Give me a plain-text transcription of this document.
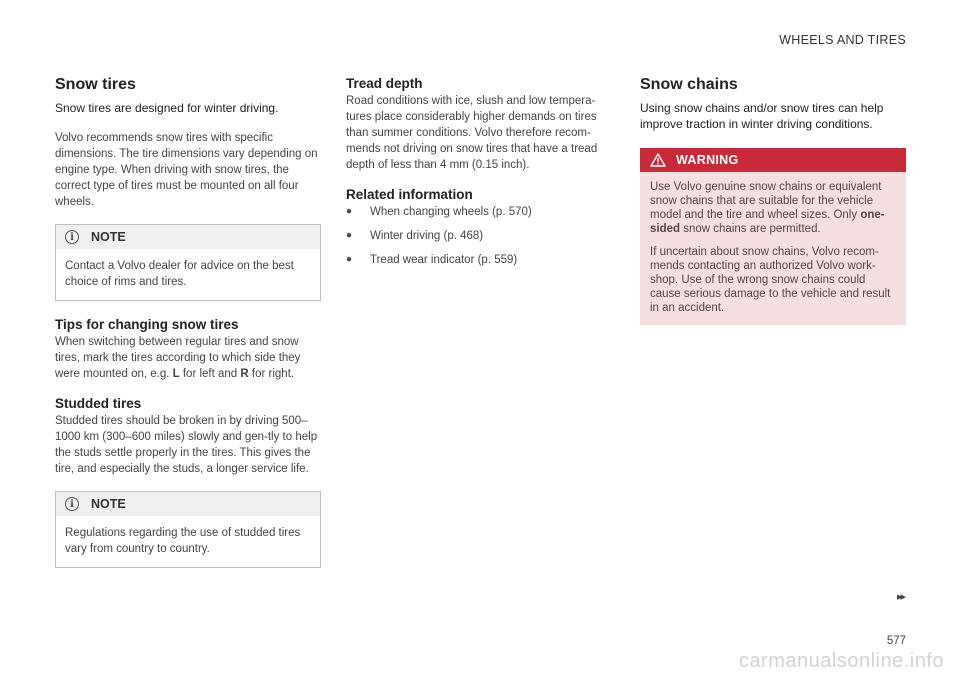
WHEELS AND TIRES
Snow tires
Snow tires are designed for winter driving.

Volvo recommends snow tires with specific dimensions. The tire dimensions vary depending on engine type. When driving with snow tires, the correct type of tires must be mounted on all four wheels.

i	NOTE
Contact a Volvo dealer for advice on the best choice of rims and tires.
Tips for changing snow tires

When switching between regular tires and snow tires, mark the tires according to which side they were mounted on, e.g. L for left and R for right.

Studded tires

Studded tires should be broken in by driving 500–1000 km (300–600 miles) slowly and gen-tly to help the studs settle properly in the tires. This gives the tire, and especially the studs, a longer service life.

i	NOTE
Regulations regarding the use of studded tires vary from country to country.
Tread depth

Road conditions with ice, slush and low tempera-tures place considerably higher demands on tires than summer conditions. Volvo therefore recom-mends not driving on snow tires that have a tread depth of less than 4 mm (0.15 inch).

Related information
●	When changing wheels (p. 570)
●	Winter driving (p. 468)
●	Tread wear indicator (p. 559)
Snow chains
Using snow chains and/or snow tires can help improve traction in winter driving conditions.
WARNING

Use Volvo genuine snow chains or equivalent snow chains that are suitable for the vehicle model and the tire and wheel sizes. Only one-sided snow chains are permitted.

If uncertain about snow chains, Volvo recom-mends contacting an authorized Volvo work-shop. Use of the wrong snow chains could cause serious damage to the vehicle and result in an accident.

▸▸
577
carmanualsonline.info
